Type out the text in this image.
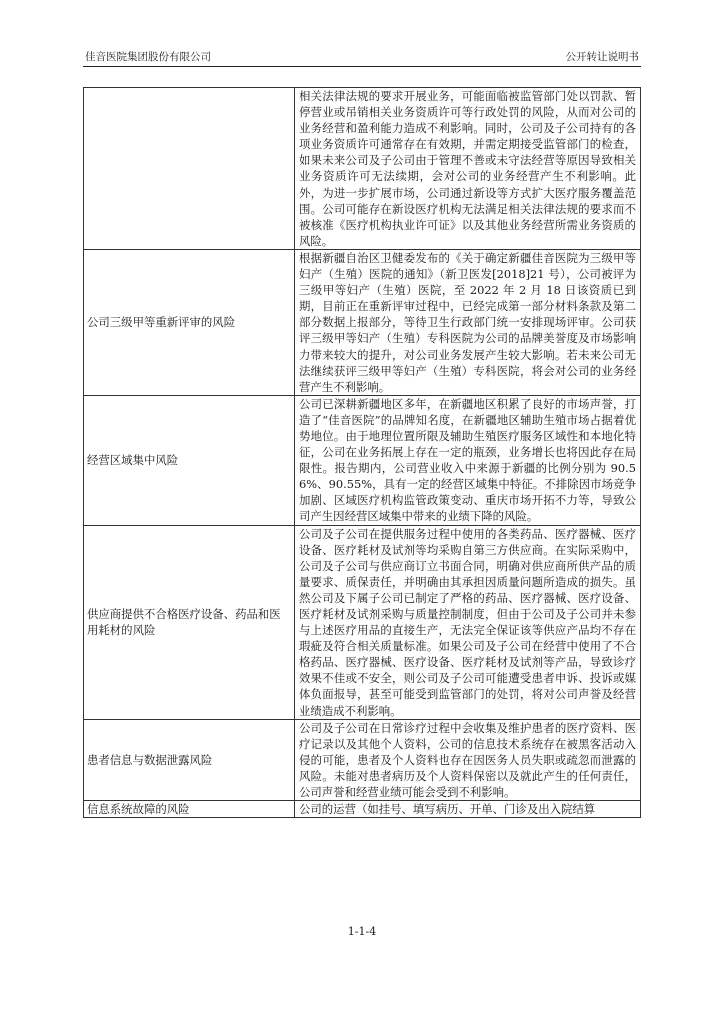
佳音医院集团股份有限公司	公开转让说明书
	相关法律法规的要求开展业务，可能面临被监管部门处以罚款、暂停营业或吊销相关业务资质许可等行政处罚的风险，从而对公司的业务经营和盈利能力造成不利影响。同时，公司及子公司持有的各项业务资质许可通常存在有效期，并需定期接受监管部门的检查，如果未来公司及子公司由于管理不善或未守法经营等原因导致相关业务资质许可无法续期，会对公司的业务经营产生不利影响。此外，为进一步扩展市场，公司通过新设等方式扩大医疗服务覆盖范围。公司可能存在新设医疗机构无法满足相关法律法规的要求而不被核准《医疗机构执业许可证》以及其他业务经营所需业务资质的风险。
公司三级甲等重新评审的风险	根据新疆自治区卫健委发布的《关于确定新疆佳音医院为三级甲等妇产（生殖）医院的通知》（新卫医发[2018]21 号），公司被评为三级甲等妇产（生殖）医院，至 2022 年 2 月 18 日该资质已到期，目前正在重新评审过程中，已经完成第一部分材料条款及第二部分数据上报部分，等待卫生行政部门统一安排现场评审。公司获评三级甲等妇产（生殖）专科医院为公司的品牌美誉度及市场影响力带来较大的提升，对公司业务发展产生较大影响。若未来公司无法继续获评三级甲等妇产（生殖）专科医院，将会对公司的业务经营产生不利影响。
经营区域集中风险	公司已深耕新疆地区多年，在新疆地区积累了良好的市场声誉，打造了“佳音医院”的品牌知名度，在新疆地区辅助生殖市场占据着优势地位。由于地理位置所限及辅助生殖医疗服务区域性和本地化特征，公司在业务拓展上存在一定的瓶颈，业务增长也将因此存在局限性。报告期内，公司营业收入中来源于新疆的比例分别为 90.56%、90.55%，具有一定的经营区域集中特征。不排除因市场竞争加剧、区域医疗机构监管政策变动、重庆市场开拓不力等，导致公司产生因经营区域集中带来的业绩下降的风险。
供应商提供不合格医疗设备、药品和医用耗材的风险	公司及子公司在提供服务过程中使用的各类药品、医疗器械、医疗设备、医疗耗材及试剂等均采购自第三方供应商。在实际采购中，公司及子公司与供应商订立书面合同，明确对供应商所供产品的质量要求、质保责任，并明确由其承担因质量问题所造成的损失。虽然公司及下属子公司已制定了严格的药品、医疗器械、医疗设备、医疗耗材及试剂采购与质量控制制度，但由于公司及子公司并未参与上述医疗用品的直接生产，无法完全保证该等供应产品均不存在瑕疵及符合相关质量标准。如果公司及子公司在经营中使用了不合格药品、医疗器械、医疗设备、医疗耗材及试剂等产品，导致诊疗效果不佳或不安全，则公司及子公司可能遭受患者申诉、投诉或媒体负面报导，甚至可能受到监管部门的处罚，将对公司声誉及经营业绩造成不利影响。
患者信息与数据泄露风险	公司及子公司在日常诊疗过程中会收集及维护患者的医疗资料、医疗记录以及其他个人资料，公司的信息技术系统存在被黑客活动入侵的可能，患者及个人资料也存在因医务人员失职或疏忽而泄露的风险。未能对患者病历及个人资料保密以及就此产生的任何责任，公司声誉和经营业绩可能会受到不利影响。
信息系统故障的风险	公司的运营（如挂号、填写病历、开单、门诊及出入院结算
1-1-4
